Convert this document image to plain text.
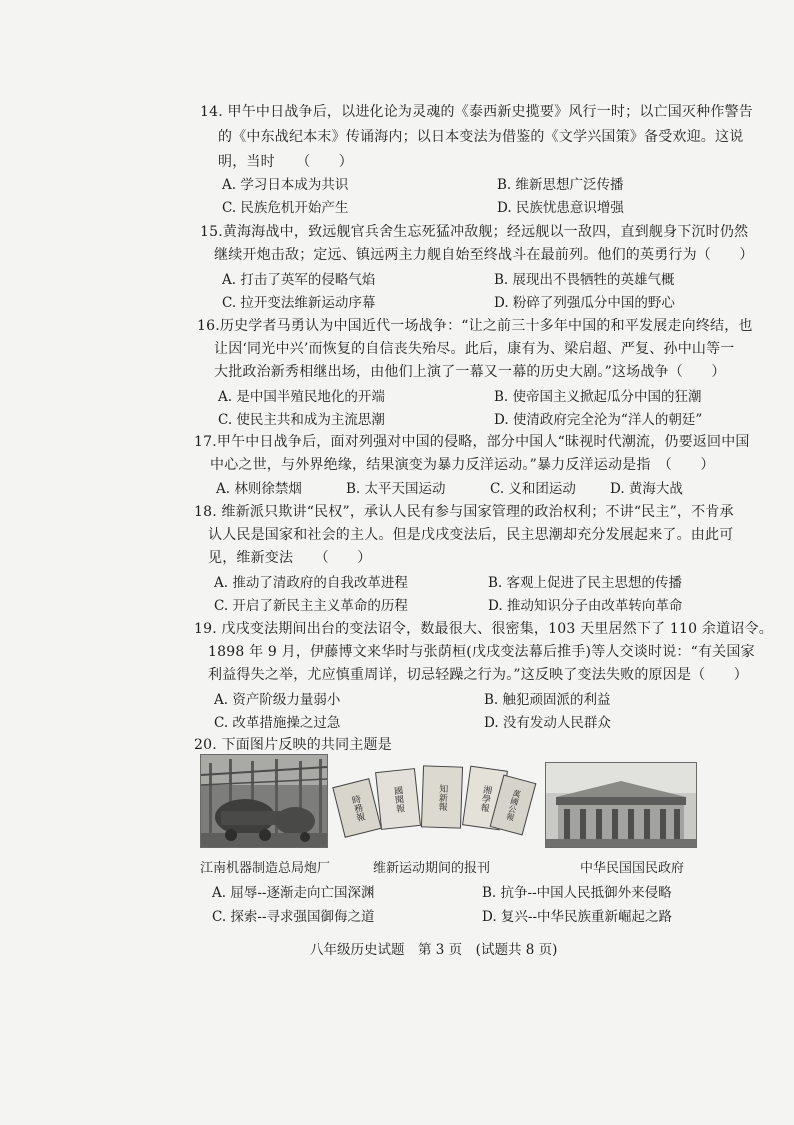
14. 甲午中日战争后，以进化论为灵魂的《泰西新史揽要》风行一时；以亡国灭种作警告
的《中东战纪本末》传诵海内；以日本变法为借鉴的《文学兴国策》备受欢迎。这说
明，当时　　（　　）
A. 学习日本成为共识	B. 维新思想广泛传播
C. 民族危机开始产生	D. 民族忧患意识增强
15.黄海海战中，致远舰官兵舍生忘死猛冲敌舰；经远舰以一敌四，直到舰身下沉时仍然
继续开炮击敌；定远、镇远两主力舰自始至终战斗在最前列。他们的英勇行为（　　）
A. 打击了英军的侵略气焰	B. 展现出不畏牺牲的英雄气概
C. 拉开变法维新运动序幕	D. 粉碎了列强瓜分中国的野心
16.历史学者马勇认为中国近代一场战争：“让之前三十多年中国的和平发展走向终结，也
让因‘同光中兴’而恢复的自信丧失殆尽。此后，康有为、梁启超、严复、孙中山等一
大批政治新秀相继出场，由他们上演了一幕又一幕的历史大剧。”这场战争（　　）
A. 是中国半殖民地化的开端	B. 使帝国主义掀起瓜分中国的狂潮
C. 使民主共和成为主流思潮	D. 使清政府完全沦为“洋人的朝廷”
17.甲午中日战争后，面对列强对中国的侵略，部分中国人“昧视时代潮流，仍要返回中国
中心之世，与外界绝缘，结果演变为暴力反洋运动。”暴力反洋运动是指　（　　）
A. 林则徐禁烟	B. 太平天国运动	C. 义和团运动	D. 黄海大战
18. 维新派只欺讲“民权”，承认人民有参与国家管理的政治权利；不讲“民主”，不肯承
认人民是国家和社会的主人。但是戊戌变法后，民主思潮却充分发展起来了。由此可
见，维新变法　　（　　）
A. 推动了清政府的自我改革进程	B. 客观上促进了民主思想的传播
C. 开启了新民主主义革命的历程	D. 推动知识分子由改革转向革命
19. 戊戌变法期间出台的变法诏令，数最很大、很密集，103 天里居然下了 110 余道诏令。
1898 年 9 月，伊藤博文来华时与张荫桓(戊戌变法幕后推手)等人交谈时说：“有关国家
利益得失之举，尤应慎重周详，切忌轻躁之行为。”这反映了变法失败的原因是（　　）
A. 资产阶级力量弱小	B. 触犯顽固派的利益
C. 改革措施操之过急	D. 没有发动人民群众
20. 下面图片反映的共同主题是
時務報	國聞報	知新報	湘學報	萬國公報
江南机器制造总局炮厂	维新运动期间的报刊	中华民国国民政府
A. 屈辱--逐渐走向亡国深渊	B. 抗争--中国人民抵御外来侵略
C. 探索--寻求强国御侮之道	D. 复兴--中华民族重新崛起之路
八年级历史试题　第 3 页　(试题共 8 页)
